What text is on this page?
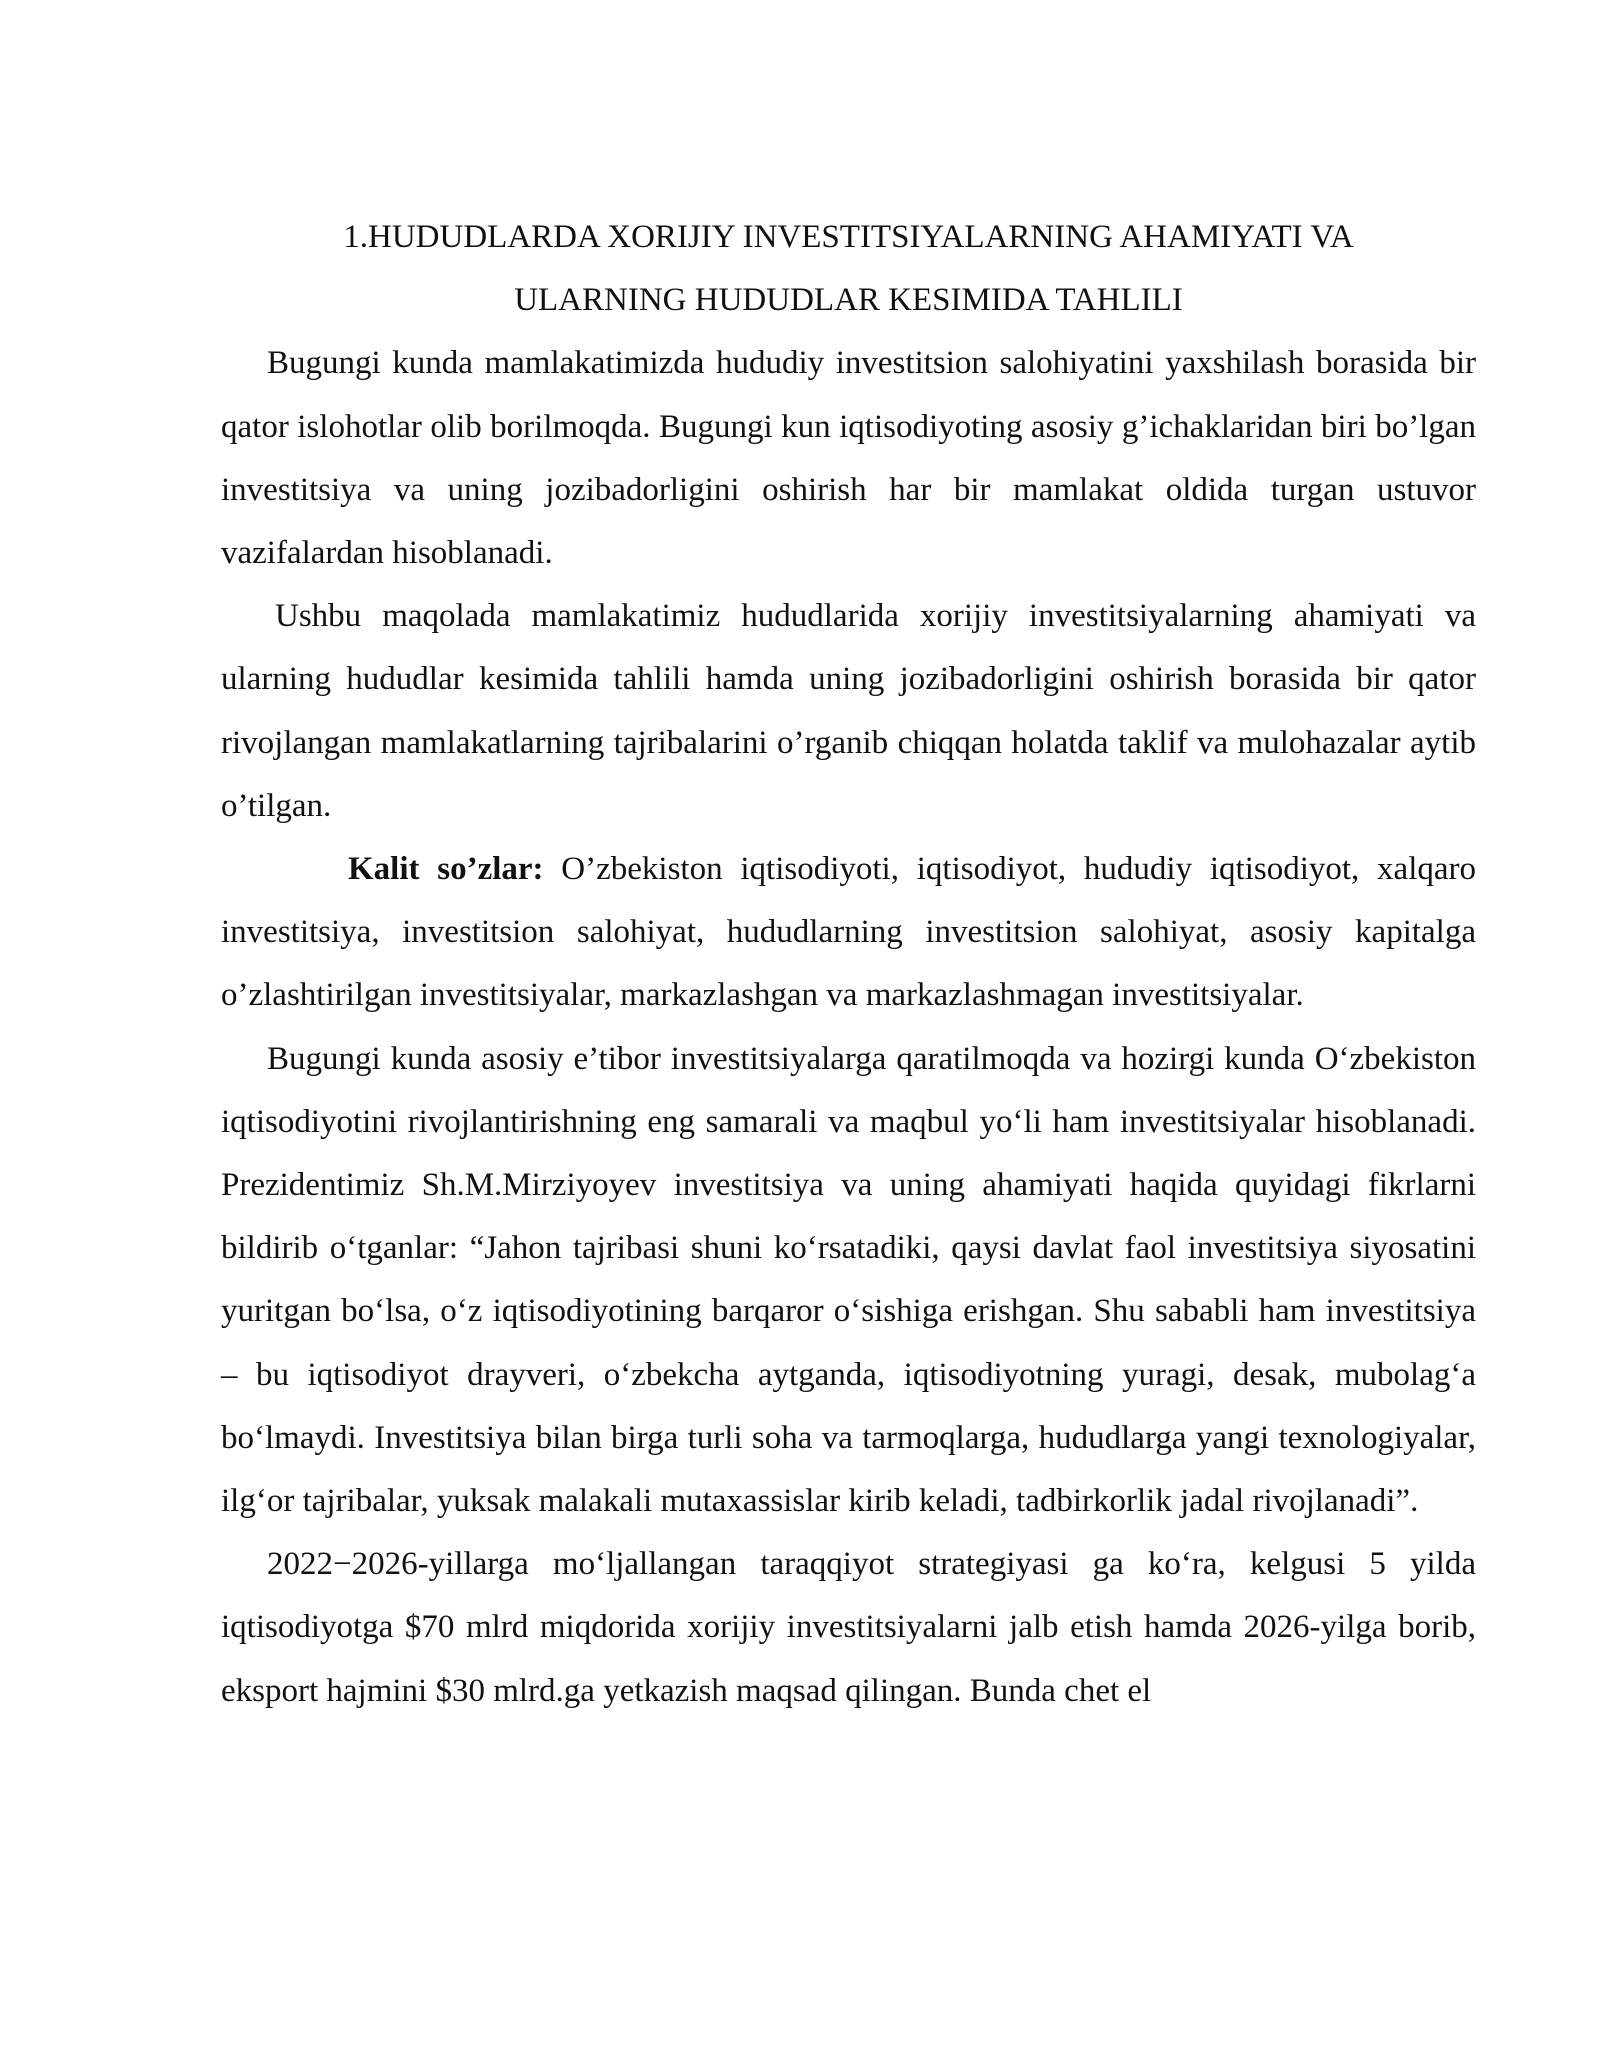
1.HUDUDLARDA XORIJIY INVESTITSIYALARNING AHAMIYATI VA
ULARNING HUDUDLAR KESIMIDA TAHLILI

Bugungi kunda mamlakatimizda hududiy investitsion salohiyatini yaxshilash borasida bir qator islohotlar olib borilmoqda. Bugungi kun iqtisodiyoting asosiy g’ichaklaridan biri bo’lgan investitsiya va uning jozibadorligini oshirish har bir mamlakat oldida turgan ustuvor vazifalardan hisoblanadi.

Ushbu maqolada mamlakatimiz hududlarida xorijiy investitsiyalarning ahamiyati va ularning hududlar kesimida tahlili hamda uning jozibadorligini oshirish borasida bir qator rivojlangan mamlakatlarning tajribalarini o’rganib chiqqan holatda taklif va mulohazalar aytib o’tilgan.

Kalit so’zlar: O’zbekiston iqtisodiyoti, iqtisodiyot, hududiy iqtisodiyot, xalqaro investitsiya, investitsion salohiyat, hududlarning investitsion salohiyat, asosiy kapitalga o’zlashtirilgan investitsiyalar, markazlashgan va markazlashmagan investitsiyalar.

Bugungi kunda asosiy e’tibor investitsiyalarga qaratilmoqda va hozirgi kunda O‘zbekiston iqtisodiyotini rivojlantirishning eng samarali va maqbul yo‘li ham investitsiyalar hisoblanadi. Prezidentimiz Sh.M.Mirziyoyev investitsiya va uning ahamiyati haqida quyidagi fikrlarni bildirib o‘tganlar: “Jahon tajribasi shuni ko‘rsatadiki, qaysi davlat faol investitsiya siyosatini yuritgan bo‘lsa, o‘z iqtisodiyotining barqaror o‘sishiga erishgan. Shu sababli ham investitsiya – bu iqtisodiyot drayveri, o‘zbekcha aytganda, iqtisodiyotning yuragi, desak, mubolag‘a bo‘lmaydi. Investitsiya bilan birga turli soha va tarmoqlarga, hududlarga yangi texnologiyalar, ilg‘or tajribalar, yuksak malakali mutaxassislar kirib keladi, tadbirkorlik jadal rivojlanadi”.

2022−2026-yillarga mo‘ljallangan taraqqiyot strategiyasi ga ko‘ra, kelgusi 5 yilda iqtisodiyotga $70 mlrd miqdorida xorijiy investitsiyalarni jalb etish hamda 2026-yilga borib, eksport hajmini $30 mlrd.ga yetkazish maqsad qilingan. Bunda chet el
